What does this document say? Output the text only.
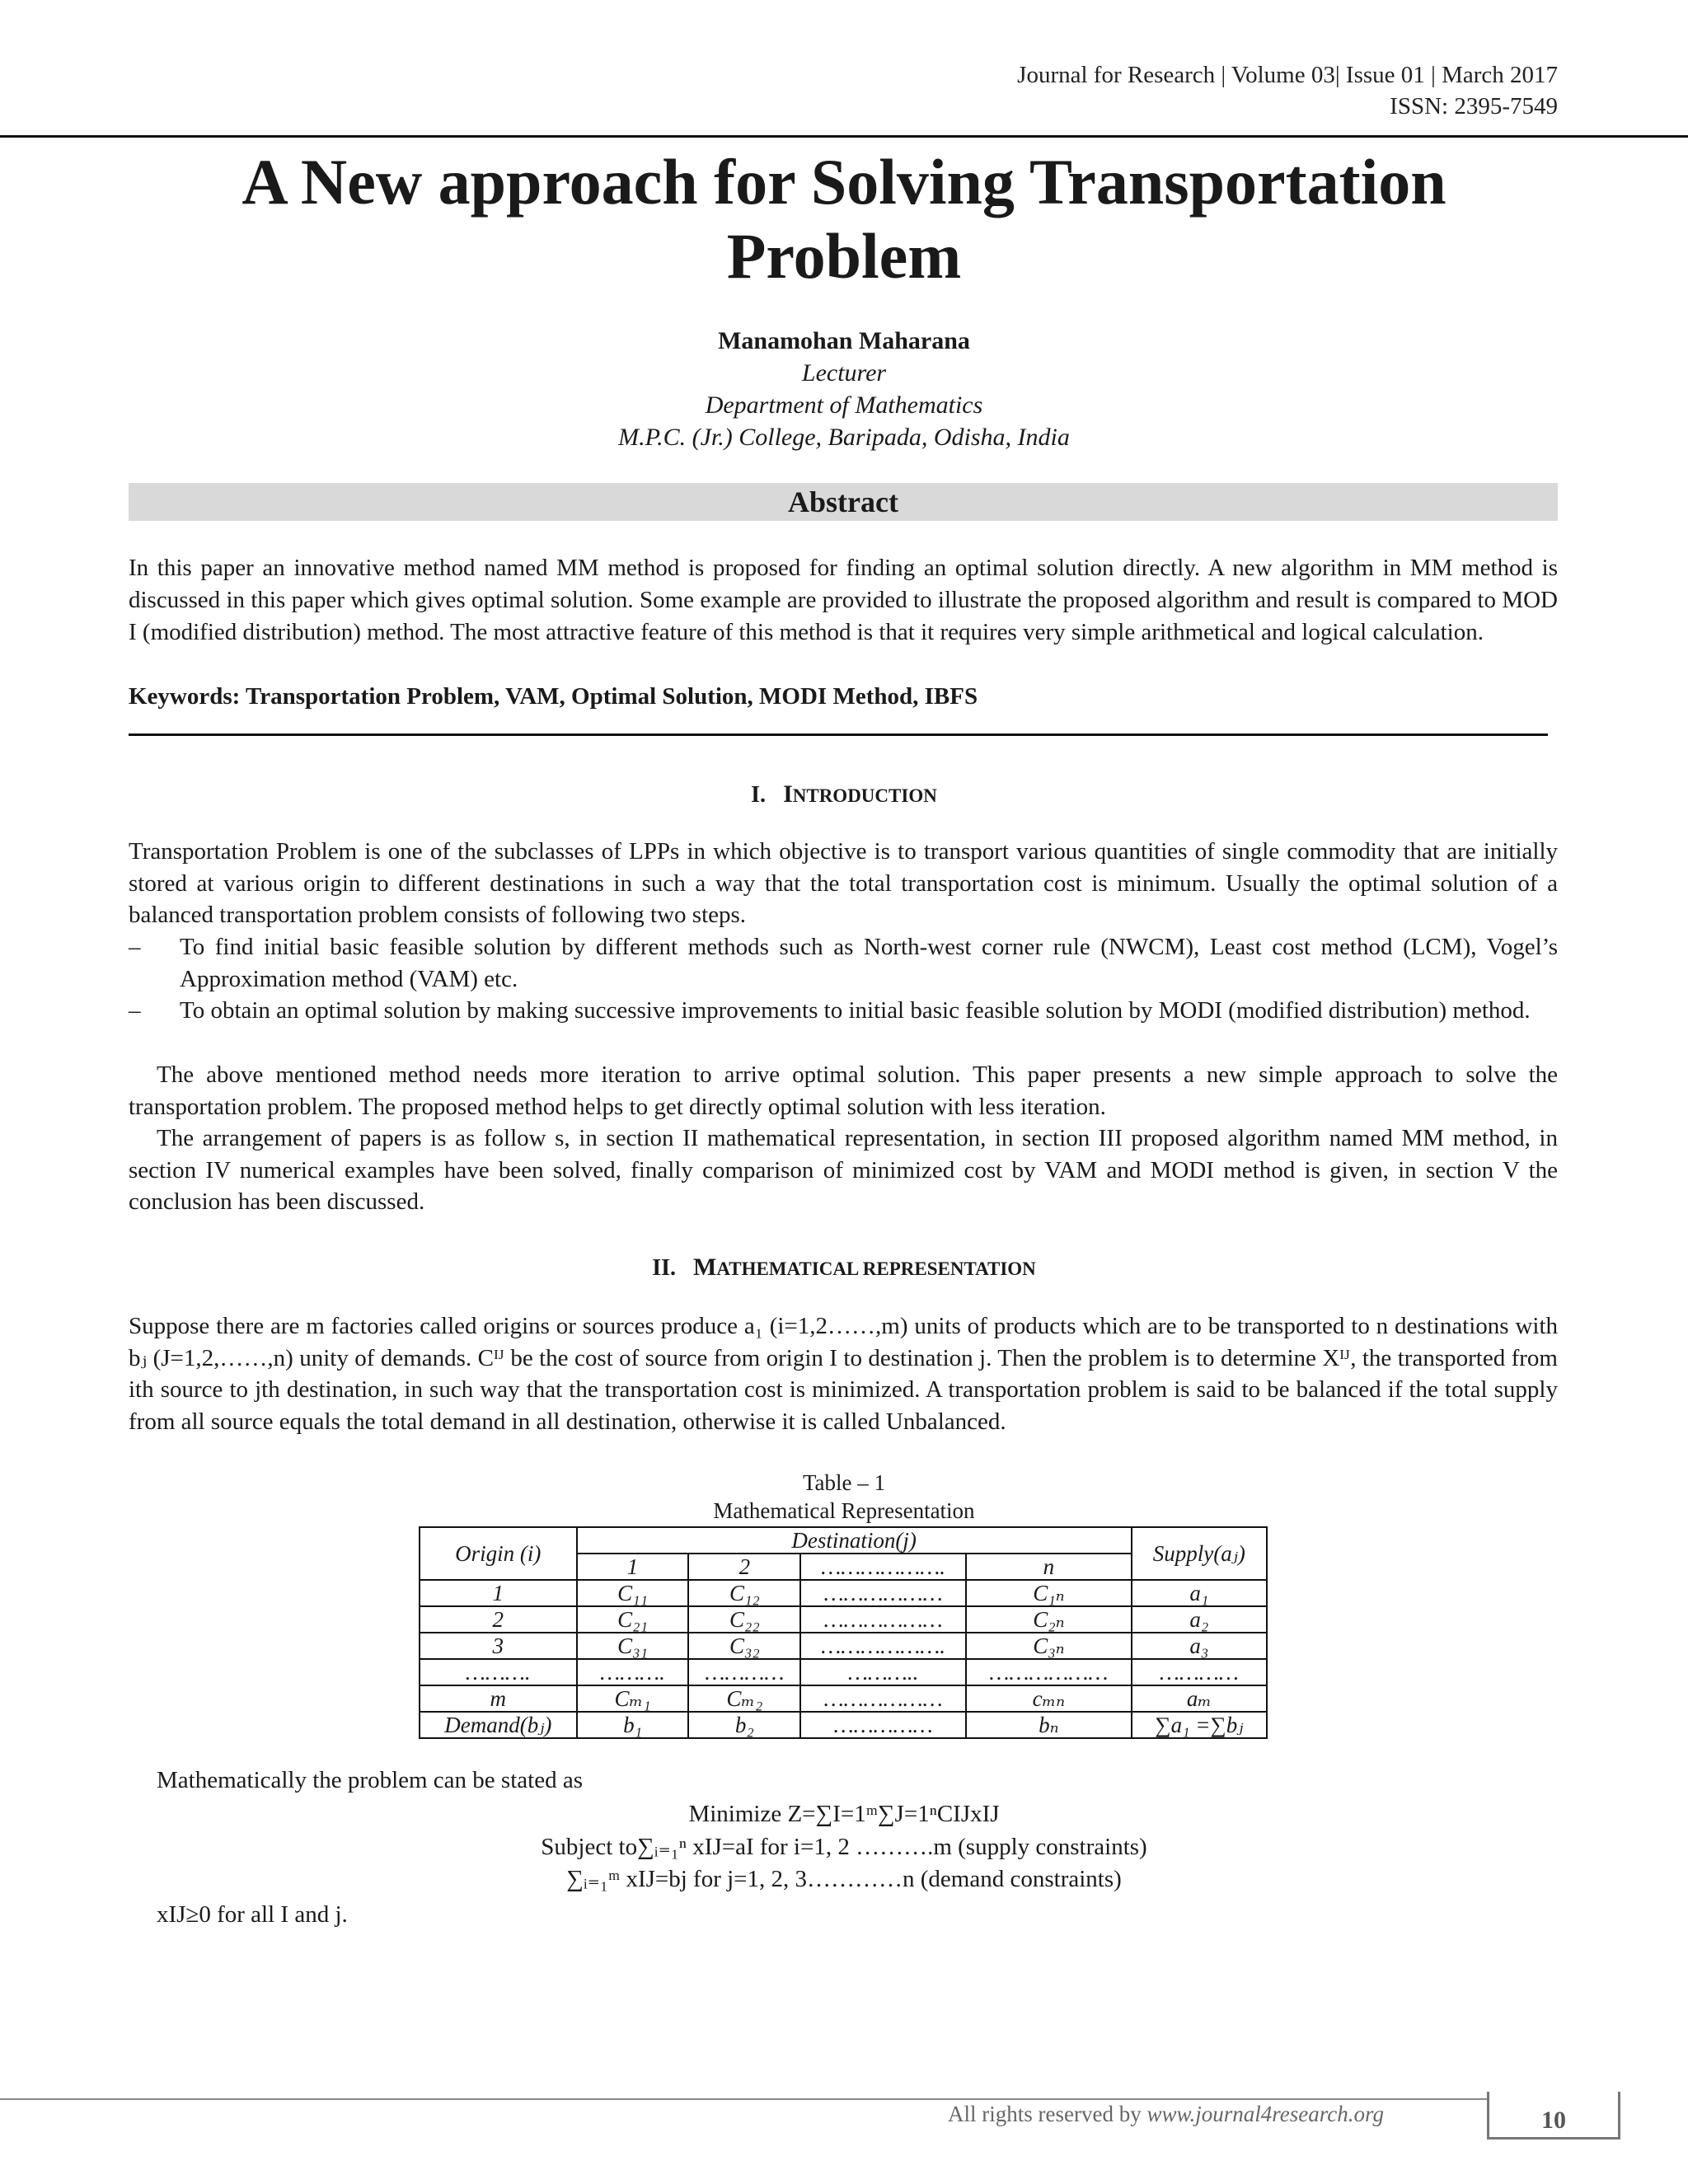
Journal for Research | Volume 03| Issue 01 | March 2017
ISSN: 2395-7549
A New approach for Solving Transportation
Problem
Manamohan Maharana
Lecturer
Department of Mathematics
M.P.C. (Jr.) College, Baripada, Odisha, India
Abstract

In this paper an innovative method named MM method is proposed for finding an optimal solution directly. A new algorithm in MM method is discussed in this paper which gives optimal solution. Some example are provided to illustrate the proposed algorithm and result is compared to MOD I (modified distribution) method. The most attractive feature of this method is that it requires very simple arithmetical and logical calculation.

Keywords: Transportation Problem, VAM, Optimal Solution, MODI Method, IBFS
I. INTRODUCTION

Transportation Problem is one of the subclasses of LPPs in which objective is to transport various quantities of single commodity that are initially stored at various origin to different destinations in such a way that the total transportation cost is minimum. Usually the optimal solution of a balanced transportation problem consists of following two steps.

– To find initial basic feasible solution by different methods such as North-west corner rule (NWCM), Least cost method (LCM), Vogel’s Approximation method (VAM) etc.
– To obtain an optimal solution by making successive improvements to initial basic feasible solution by MODI (modified distribution) method.

The above mentioned method needs more iteration to arrive optimal solution. This paper presents a new simple approach to solve the transportation problem. The proposed method helps to get directly optimal solution with less iteration.

The arrangement of papers is as follow s, in section II mathematical representation, in section III proposed algorithm named MM method, in section IV numerical examples have been solved, finally comparison of minimized cost by VAM and MODI method is given, in section V the conclusion has been discussed.

II. MATHEMATICAL REPRESENTATION

Suppose there are m factories called origins or sources produce a₁ (i=1,2……,m) units of products which are to be transported to n destinations with bⱼ (J=1,2,……,n) unity of demands. Cᴵᴶ be the cost of source from origin I to destination j. Then the problem is to determine Xᴵᴶ, the transported from ith source to jth destination, in such way that the transportation cost is minimized. A transportation problem is said to be balanced if the total supply from all source equals the total demand in all destination, otherwise it is called Unbalanced.

Table – 1
Mathematical Representation
Origin (i)	Destination(j)				Supply(aⱼ)
	1	2	……………….	n	
1	C₁₁	C₁₂	………………	C₁ₙ	a₁
2	C₂₁	C₂₂	………………	C₂ₙ	a₂
3	C₃₁	C₃₂	……………….	C₃ₙ	a₃
……….	……….	…………	………..	………………	…………
m	Cₘ₁	Cₘ₂	………………	cₘₙ	aₘ
Demand(bⱼ)	b₁	b₂	……………	bₙ	∑a₁ =∑bⱼ
Mathematically the problem can be stated as
Minimize Z=∑I=1ᵐ∑J=1ⁿCIJxIJ
Subject to∑ᵢ₌₁ⁿ xIJ=aI for i=1, 2 ……….m (supply constraints)
∑ᵢ₌₁ᵐ xIJ=bj for j=1, 2, 3…………n (demand constraints)
xIJ≥0 for all I and j.
All rights reserved by www.journal4research.org	10
